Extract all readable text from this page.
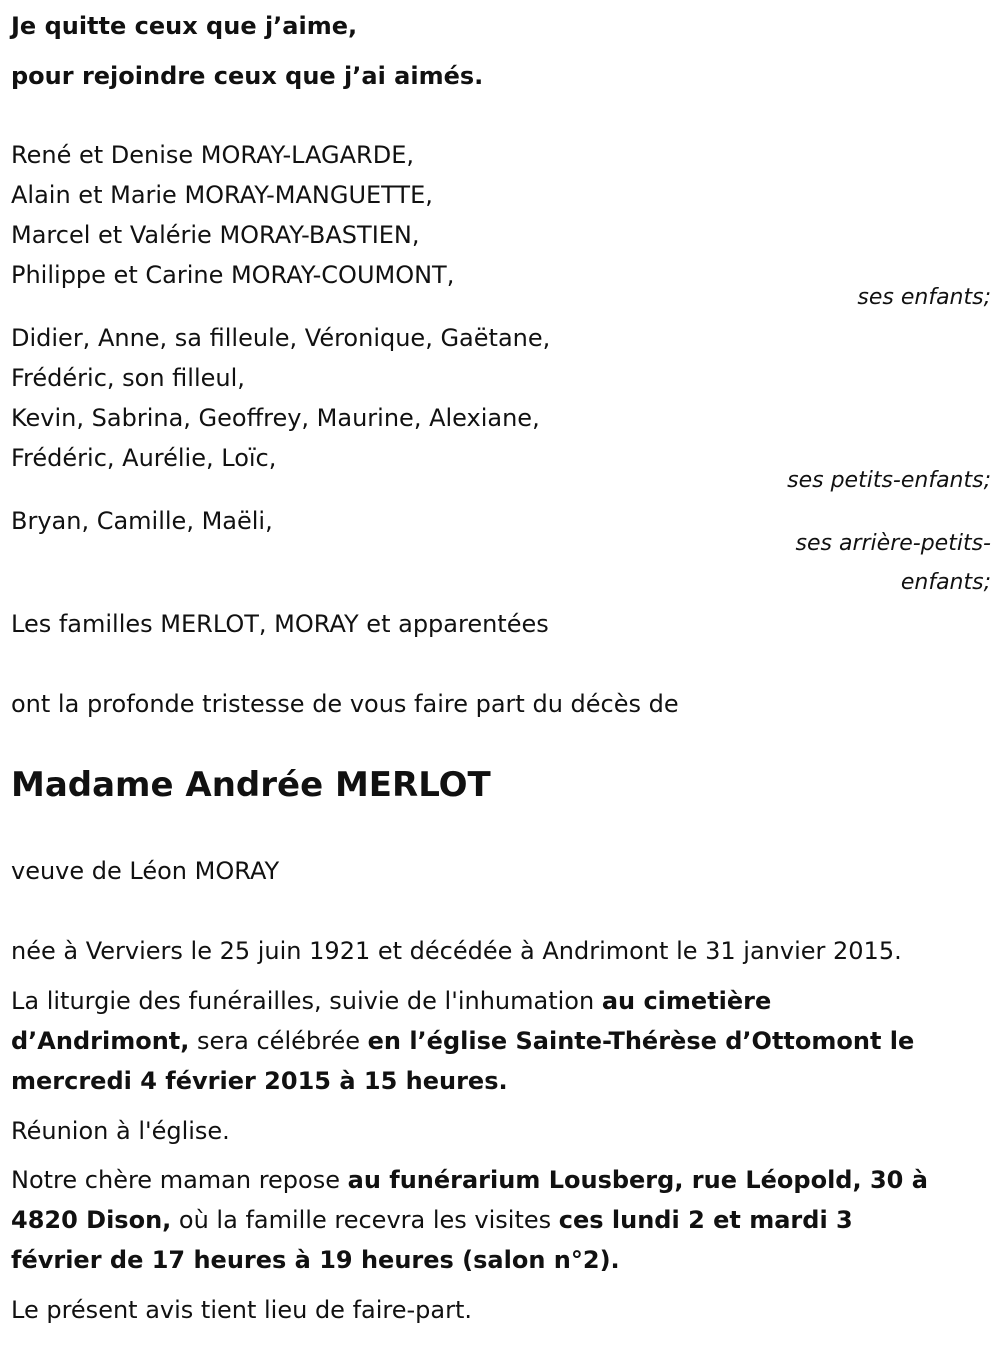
Je quitte ceux que j’aime,
pour rejoindre ceux que j’ai aimés.
René et Denise MORAY-LAGARDE,
Alain et Marie MORAY-MANGUETTE,
Marcel et Valérie MORAY-BASTIEN,
Philippe et Carine MORAY-COUMONT,
ses enfants;
Didier, Anne, sa filleule, Véronique, Gaëtane,
Frédéric, son filleul,
Kevin, Sabrina, Geoffrey, Maurine, Alexiane,
Frédéric, Aurélie, Loïc,
ses petits-enfants;
Bryan, Camille, Maëli,
ses arrière-petits-
enfants;
Les familles MERLOT, MORAY et apparentées
ont la profonde tristesse de vous faire part du décès de
Madame Andrée MERLOT
veuve de Léon MORAY
née à Verviers le 25 juin 1921 et décédée à Andrimont le 31 janvier 2015.
La liturgie des funérailles, suivie de l'inhumation au cimetière
d’Andrimont, sera célébrée en l’église Sainte-Thérèse d’Ottomont le
mercredi 4 février 2015 à 15 heures.
Réunion à l'église.
Notre chère maman repose au funérarium Lousberg, rue Léopold, 30 à
4820 Dison, où la famille recevra les visites ces lundi 2 et mardi 3
février de 17 heures à 19 heures (salon n°2).
Le présent avis tient lieu de faire-part.
